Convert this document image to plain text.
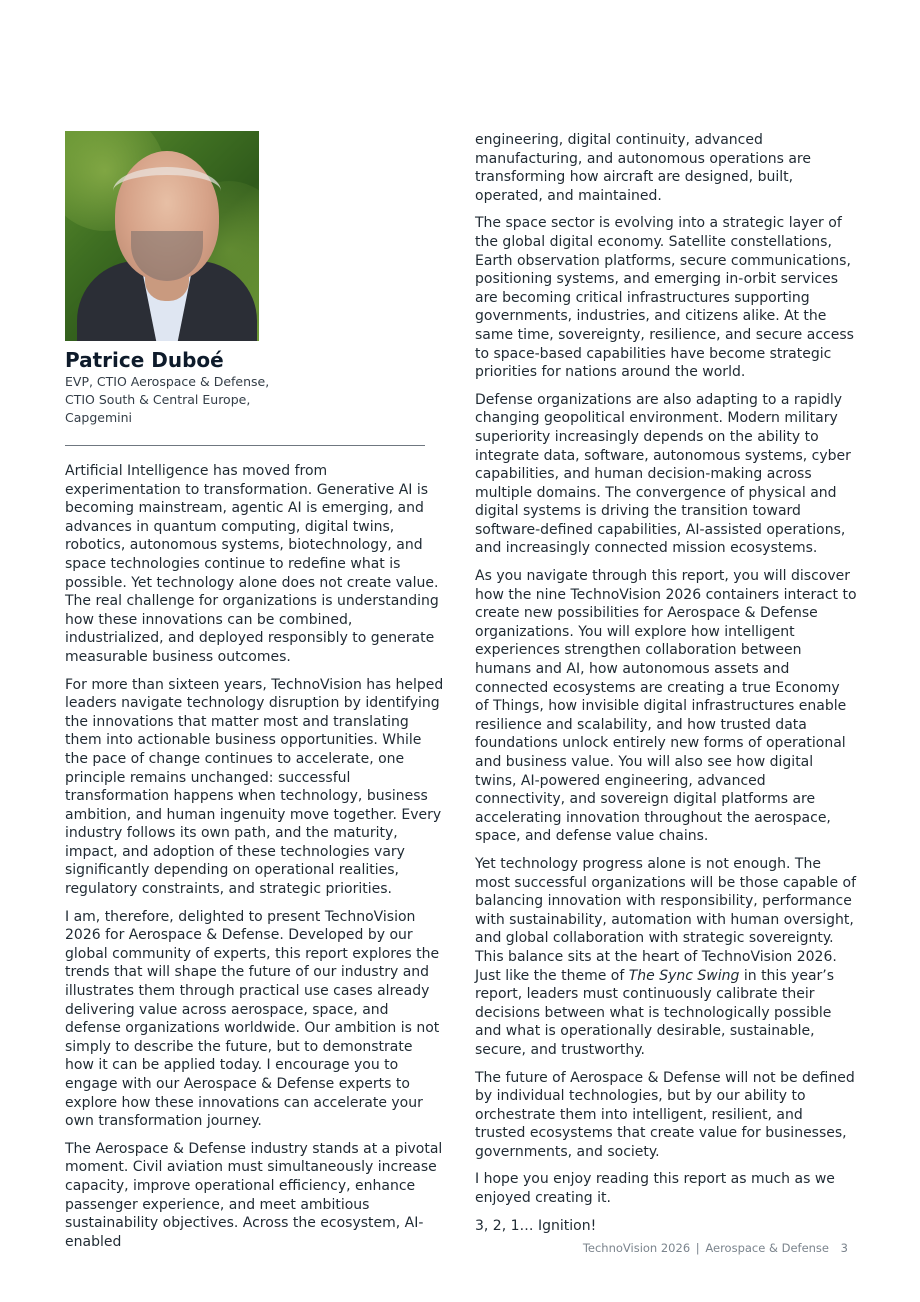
Patrice Duboé
EVP, CTIO Aerospace & Defense,
CTIO South & Central Europe,
Capgemini

Artificial Intelligence has moved from experimentation to transformation. Generative AI is becoming mainstream, agentic AI is emerging, and advances in quantum computing, digital twins, robotics, autonomous systems, biotechnology, and space technologies continue to redefine what is possible. Yet technology alone does not create value. The real challenge for organizations is understanding how these innovations can be combined, industrialized, and deployed responsibly to generate measurable business outcomes.

For more than sixteen years, TechnoVision has helped leaders navigate technology disruption by identifying the innovations that matter most and translating them into actionable business opportunities. While the pace of change continues to accelerate, one principle remains unchanged: successful transformation happens when technology, business ambition, and human ingenuity move together. Every industry follows its own path, and the maturity, impact, and adoption of these technologies vary significantly depending on operational realities, regulatory constraints, and strategic priorities.

I am, therefore, delighted to present TechnoVision 2026 for Aerospace & Defense. Developed by our global community of experts, this report explores the trends that will shape the future of our industry and illustrates them through practical use cases already delivering value across aerospace, space, and defense organizations worldwide. Our ambition is not simply to describe the future, but to demonstrate how it can be applied today. I encourage you to engage with our Aerospace & Defense experts to explore how these innovations can accelerate your own transformation journey.

The Aerospace & Defense industry stands at a pivotal moment. Civil aviation must simultaneously increase capacity, improve operational efficiency, enhance passenger experience, and meet ambitious sustainability objectives. Across the ecosystem, AI-enabled

engineering, digital continuity, advanced manufacturing, and autonomous operations are transforming how aircraft are designed, built, operated, and maintained.

The space sector is evolving into a strategic layer of the global digital economy. Satellite constellations, Earth observation platforms, secure communications, positioning systems, and emerging in-orbit services are becoming critical infrastructures supporting governments, industries, and citizens alike. At the same time, sovereignty, resilience, and secure access to space-based capabilities have become strategic priorities for nations around the world.

Defense organizations are also adapting to a rapidly changing geopolitical environment. Modern military superiority increasingly depends on the ability to integrate data, software, autonomous systems, cyber capabilities, and human decision-making across multiple domains. The convergence of physical and digital systems is driving the transition toward software-defined capabilities, AI-assisted operations, and increasingly connected mission ecosystems.

As you navigate through this report, you will discover how the nine TechnoVision 2026 containers interact to create new possibilities for Aerospace & Defense organizations. You will explore how intelligent experiences strengthen collaboration between humans and AI, how autonomous assets and connected ecosystems are creating a true Economy of Things, how invisible digital infrastructures enable resilience and scalability, and how trusted data foundations unlock entirely new forms of operational and business value. You will also see how digital twins, AI-powered engineering, advanced connectivity, and sovereign digital platforms are accelerating innovation throughout the aerospace, space, and defense value chains.

Yet technology progress alone is not enough. The most successful organizations will be those capable of balancing innovation with responsibility, performance with sustainability, automation with human oversight, and global collaboration with strategic sovereignty. This balance sits at the heart of TechnoVision 2026. Just like the theme of The Sync Swing in this year’s report, leaders must continuously calibrate their decisions between what is technologically possible and what is operationally desirable, sustainable, secure, and trustworthy.

The future of Aerospace & Defense will not be defined by individual technologies, but by our ability to orchestrate them into intelligent, resilient, and trusted ecosystems that create value for businesses, governments, and society.

I hope you enjoy reading this report as much as we enjoyed creating it.

3, 2, 1… Ignition!

TechnoVision 2026 | Aerospace & Defense 3
